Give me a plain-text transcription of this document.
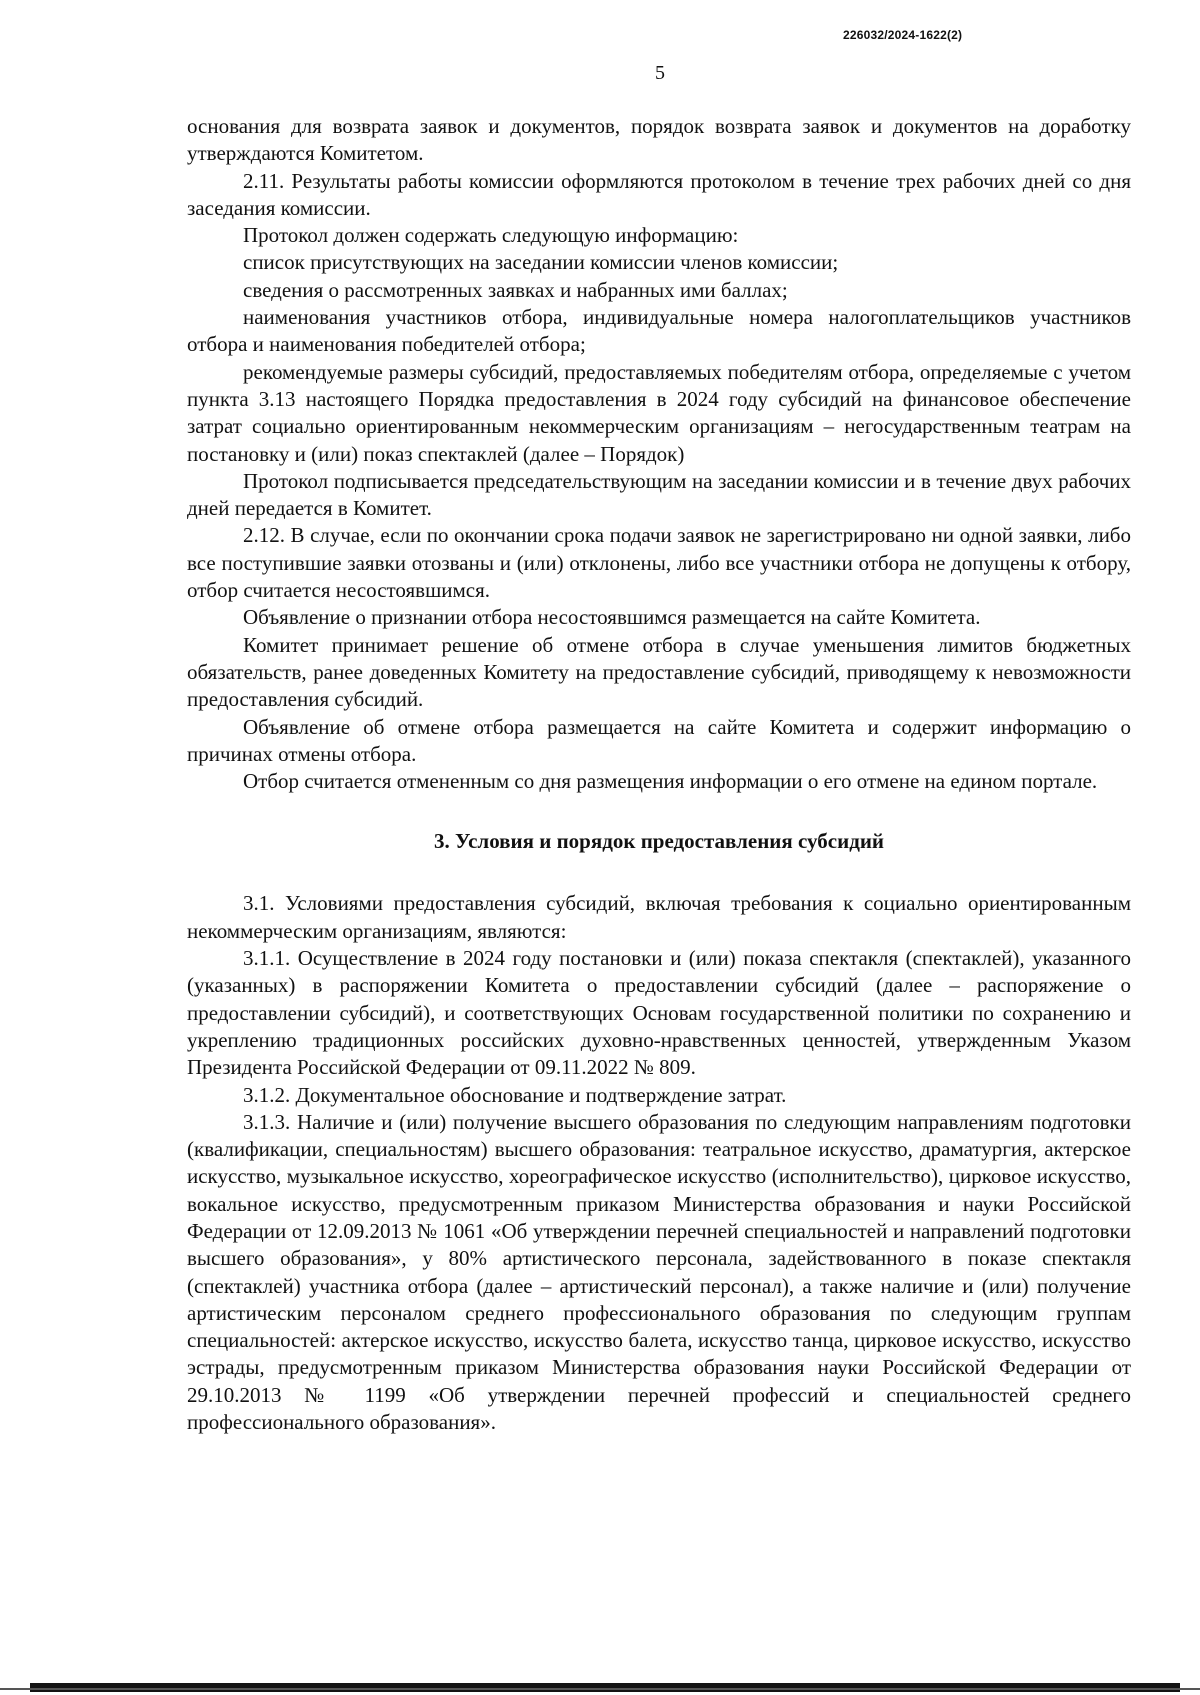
226032/2024-1622(2)
5

основания для возврата заявок и документов, порядок возврата заявок и документов на доработку утверждаются Комитетом.

2.11. Результаты работы комиссии оформляются протоколом в течение трех рабочих дней со дня заседания комиссии.

Протокол должен содержать следующую информацию:

список присутствующих на заседании комиссии членов комиссии;

сведения о рассмотренных заявках и набранных ими баллах;

наименования участников отбора, индивидуальные номера налогоплательщиков участников отбора и наименования победителей отбора;

рекомендуемые размеры субсидий, предоставляемых победителям отбора, определяемые с учетом пункта 3.13 настоящего Порядка предоставления в 2024 году субсидий на финансовое обеспечение затрат социально ориентированным некоммерческим организациям – негосударственным театрам на постановку и (или) показ спектаклей (далее – Порядок)

Протокол подписывается председательствующим на заседании комиссии и в течение двух рабочих дней передается в Комитет.

2.12. В случае, если по окончании срока подачи заявок не зарегистрировано ни одной заявки, либо все поступившие заявки отозваны и (или) отклонены, либо все участники отбора не допущены к отбору, отбор считается несостоявшимся.

Объявление о признании отбора несостоявшимся размещается на сайте Комитета.

Комитет принимает решение об отмене отбора в случае уменьшения лимитов бюджетных обязательств, ранее доведенных Комитету на предоставление субсидий, приводящему к невозможности предоставления субсидий.

Объявление об отмене отбора размещается на сайте Комитета и содержит информацию о причинах отмены отбора.

Отбор считается отмененным со дня размещения информации о его отмене на едином портале.

3. Условия и порядок предоставления субсидий

3.1. Условиями предоставления субсидий, включая требования к социально ориентированным некоммерческим организациям, являются:

3.1.1. Осуществление в 2024 году постановки и (или) показа спектакля (спектаклей), указанного (указанных) в распоряжении Комитета о предоставлении субсидий (далее – распоряжение о предоставлении субсидий), и соответствующих Основам государственной политики по сохранению и укреплению традиционных российских духовно-нравственных ценностей, утвержденным Указом Президента Российской Федерации от 09.11.2022 № 809.

3.1.2. Документальное обоснование и подтверждение затрат.

3.1.3. Наличие и (или) получение высшего образования по следующим направлениям подготовки (квалификации, специальностям) высшего образования: театральное искусство, драматургия, актерское искусство, музыкальное искусство, хореографическое искусство (исполнительство), цирковое искусство, вокальное искусство, предусмотренным приказом Министерства образования и науки Российской Федерации от 12.09.2013 № 1061 «Об утверждении перечней специальностей и направлений подготовки высшего образования», у 80% артистического персонала, задействованного в показе спектакля (спектаклей) участника отбора (далее – артистический персонал), а также наличие и (или) получение артистическим персоналом среднего профессионального образования по следующим группам специальностей: актерское искусство, искусство балета, искусство танца, цирковое искусство, искусство эстрады, предусмотренным приказом Министерства образования науки Российской Федерации от 29.10.2013 № 1199 «Об утверждении перечней профессий и специальностей среднего профессионального образования».
